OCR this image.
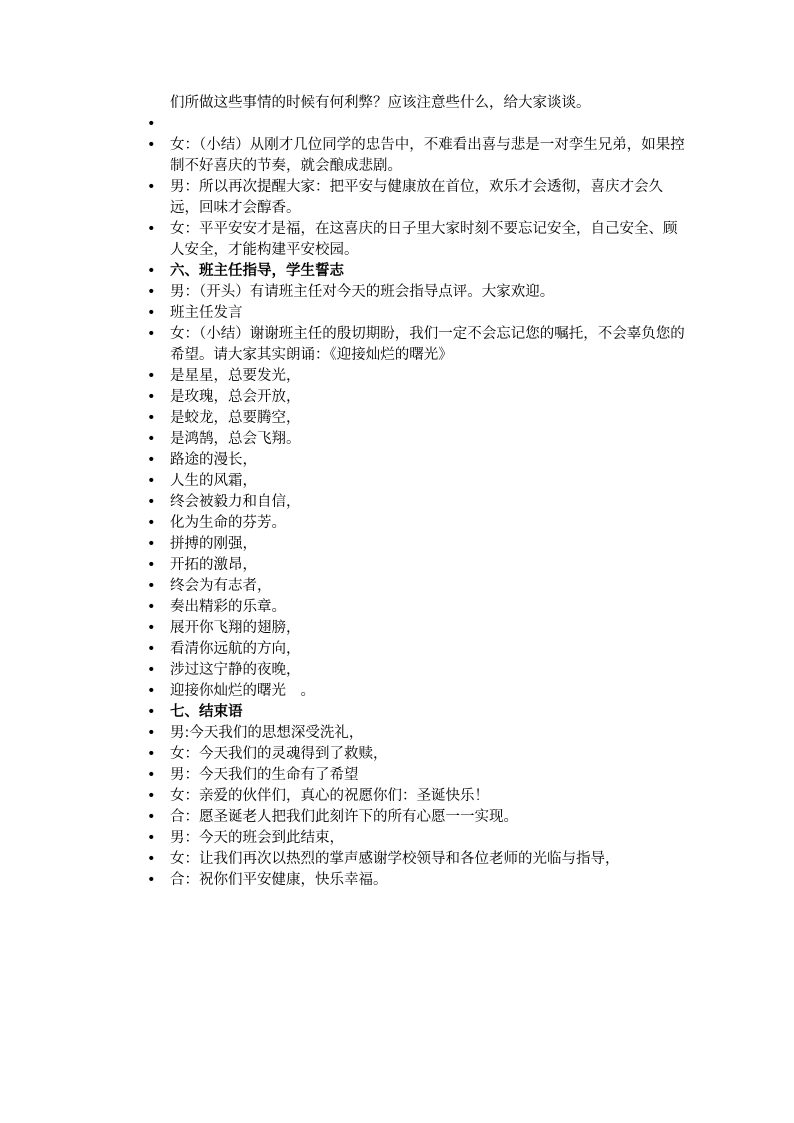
们所做这些事情的时候有何利弊？应该注意些什么，给大家谈谈。
•
• 女：（小结）从刚才几位同学的忠告中，不难看出喜与悲是一对孪生兄弟，如果控制不好喜庆的节奏，就会酿成悲剧。
• 男：所以再次提醒大家：把平安与健康放在首位，欢乐才会透彻，喜庆才会久远，回味才会醇香。
• 女：平平安安才是福，在这喜庆的日子里大家时刻不要忘记安全，自己安全、顾人安全，才能构建平安校园。
• 六、班主任指导，学生誓志
• 男：（开头）有请班主任对今天的班会指导点评。大家欢迎。
• 班主任发言
• 女：（小结）谢谢班主任的殷切期盼，我们一定不会忘记您的嘱托，不会辜负您的希望。请大家其实朗诵：《迎接灿烂的曙光》
• 是星星，总要发光，
• 是玫瑰，总会开放，
• 是蛟龙，总要腾空，
• 是鸿鹄，总会飞翔。
• 路途的漫长，
• 人生的风霜，
• 终会被毅力和自信，
• 化为生命的芬芳。
• 拼搏的刚强，
• 开拓的激昂，
• 终会为有志者，
• 奏出精彩的乐章。
• 展开你飞翔的翅膀，
• 看清你远航的方向，
• 涉过这宁静的夜晚，
• 迎接你灿烂的曙光　。
• 七、结束语
• 男:今天我们的思想深受洗礼，
• 女：今天我们的灵魂得到了救赎，
• 男：今天我们的生命有了希望
• 女：亲爱的伙伴们，真心的祝愿你们：圣诞快乐！
• 合：愿圣诞老人把我们此刻许下的所有心愿一一实现。
• 男：今天的班会到此结束，
• 女：让我们再次以热烈的掌声感谢学校领导和各位老师的光临与指导，
• 合：祝你们平安健康，快乐幸福。
